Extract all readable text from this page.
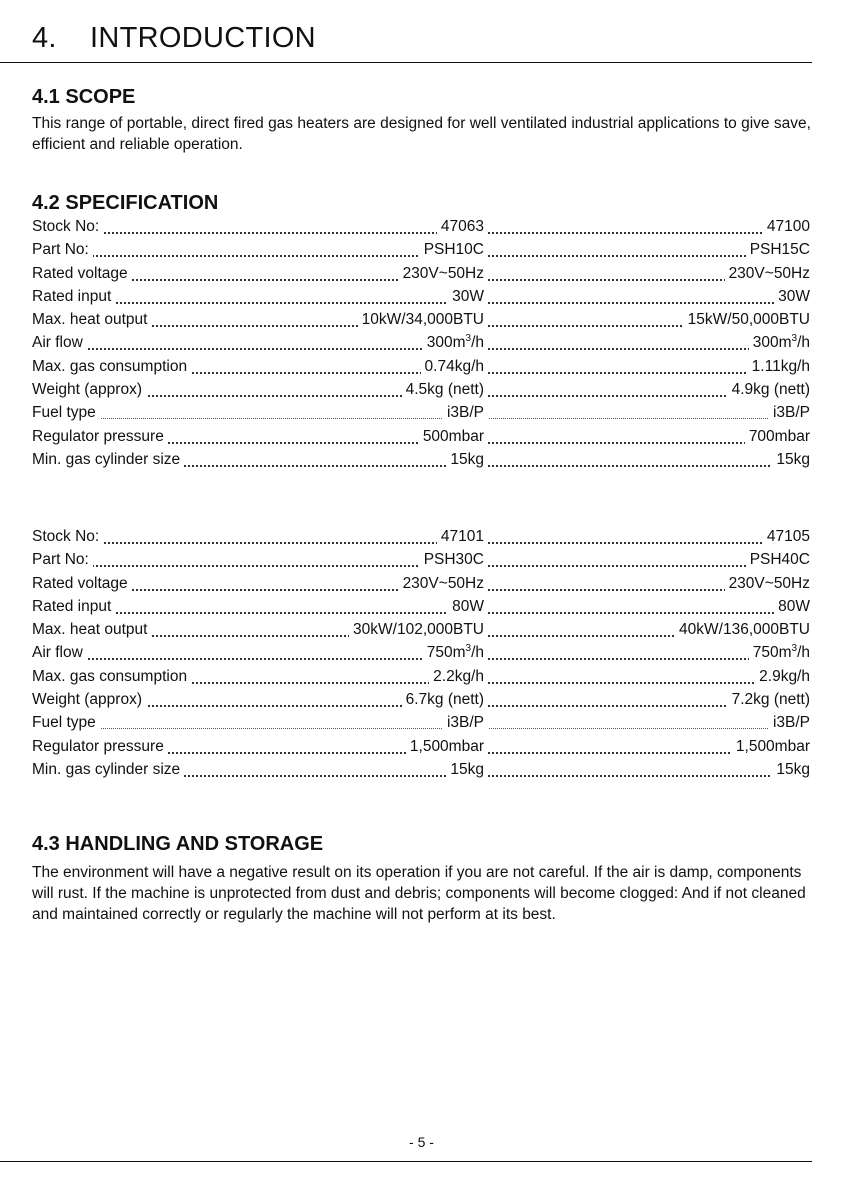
4. INTRODUCTION
4.1 SCOPE
This range of portable, direct fired gas heaters are designed for well ventilated industrial applications to give save, efficient and reliable operation.
4.2 SPECIFICATION
Stock No:	47063	47100
Part No:	PSH10C	PSH15C
Rated voltage	230V~50Hz	230V~50Hz
Rated input	30W	30W
Max. heat output	10kW/34,000BTU	15kW/50,000BTU
Air flow	$300m^3/h$	$300m^3/h$
Max. gas consumption	0.74kg/h	1.11kg/h
Weight (approx)	4.5kg (nett)	4.9kg (nett)
Fuel type	i3B/P	i3B/P
Regulator pressure	500mbar	700mbar
Min. gas cylinder size	15kg	15kg
Stock No:	47101	47105
Part No:	PSH30C	PSH40C
Rated voltage	230V~50Hz	230V~50Hz
Rated input	80W	80W
Max. heat output	30kW/102,000BTU	40kW/136,000BTU
Air flow	$750m^3/h$	$750m^3/h$
Max. gas consumption	2.2kg/h	2.9kg/h
Weight (approx)	6.7kg (nett)	7.2kg (nett)
Fuel type	i3B/P	i3B/P
Regulator pressure	1,500mbar	1,500mbar
Min. gas cylinder size	15kg	15kg
4.3 HANDLING AND STORAGE
The environment will have a negative result on its operation if you are not careful. If the air is damp, components will rust. If the machine is unprotected from dust and debris; components will become clogged: And if not cleaned and maintained correctly or regularly the machine will not perform at its best.
- 5 -
